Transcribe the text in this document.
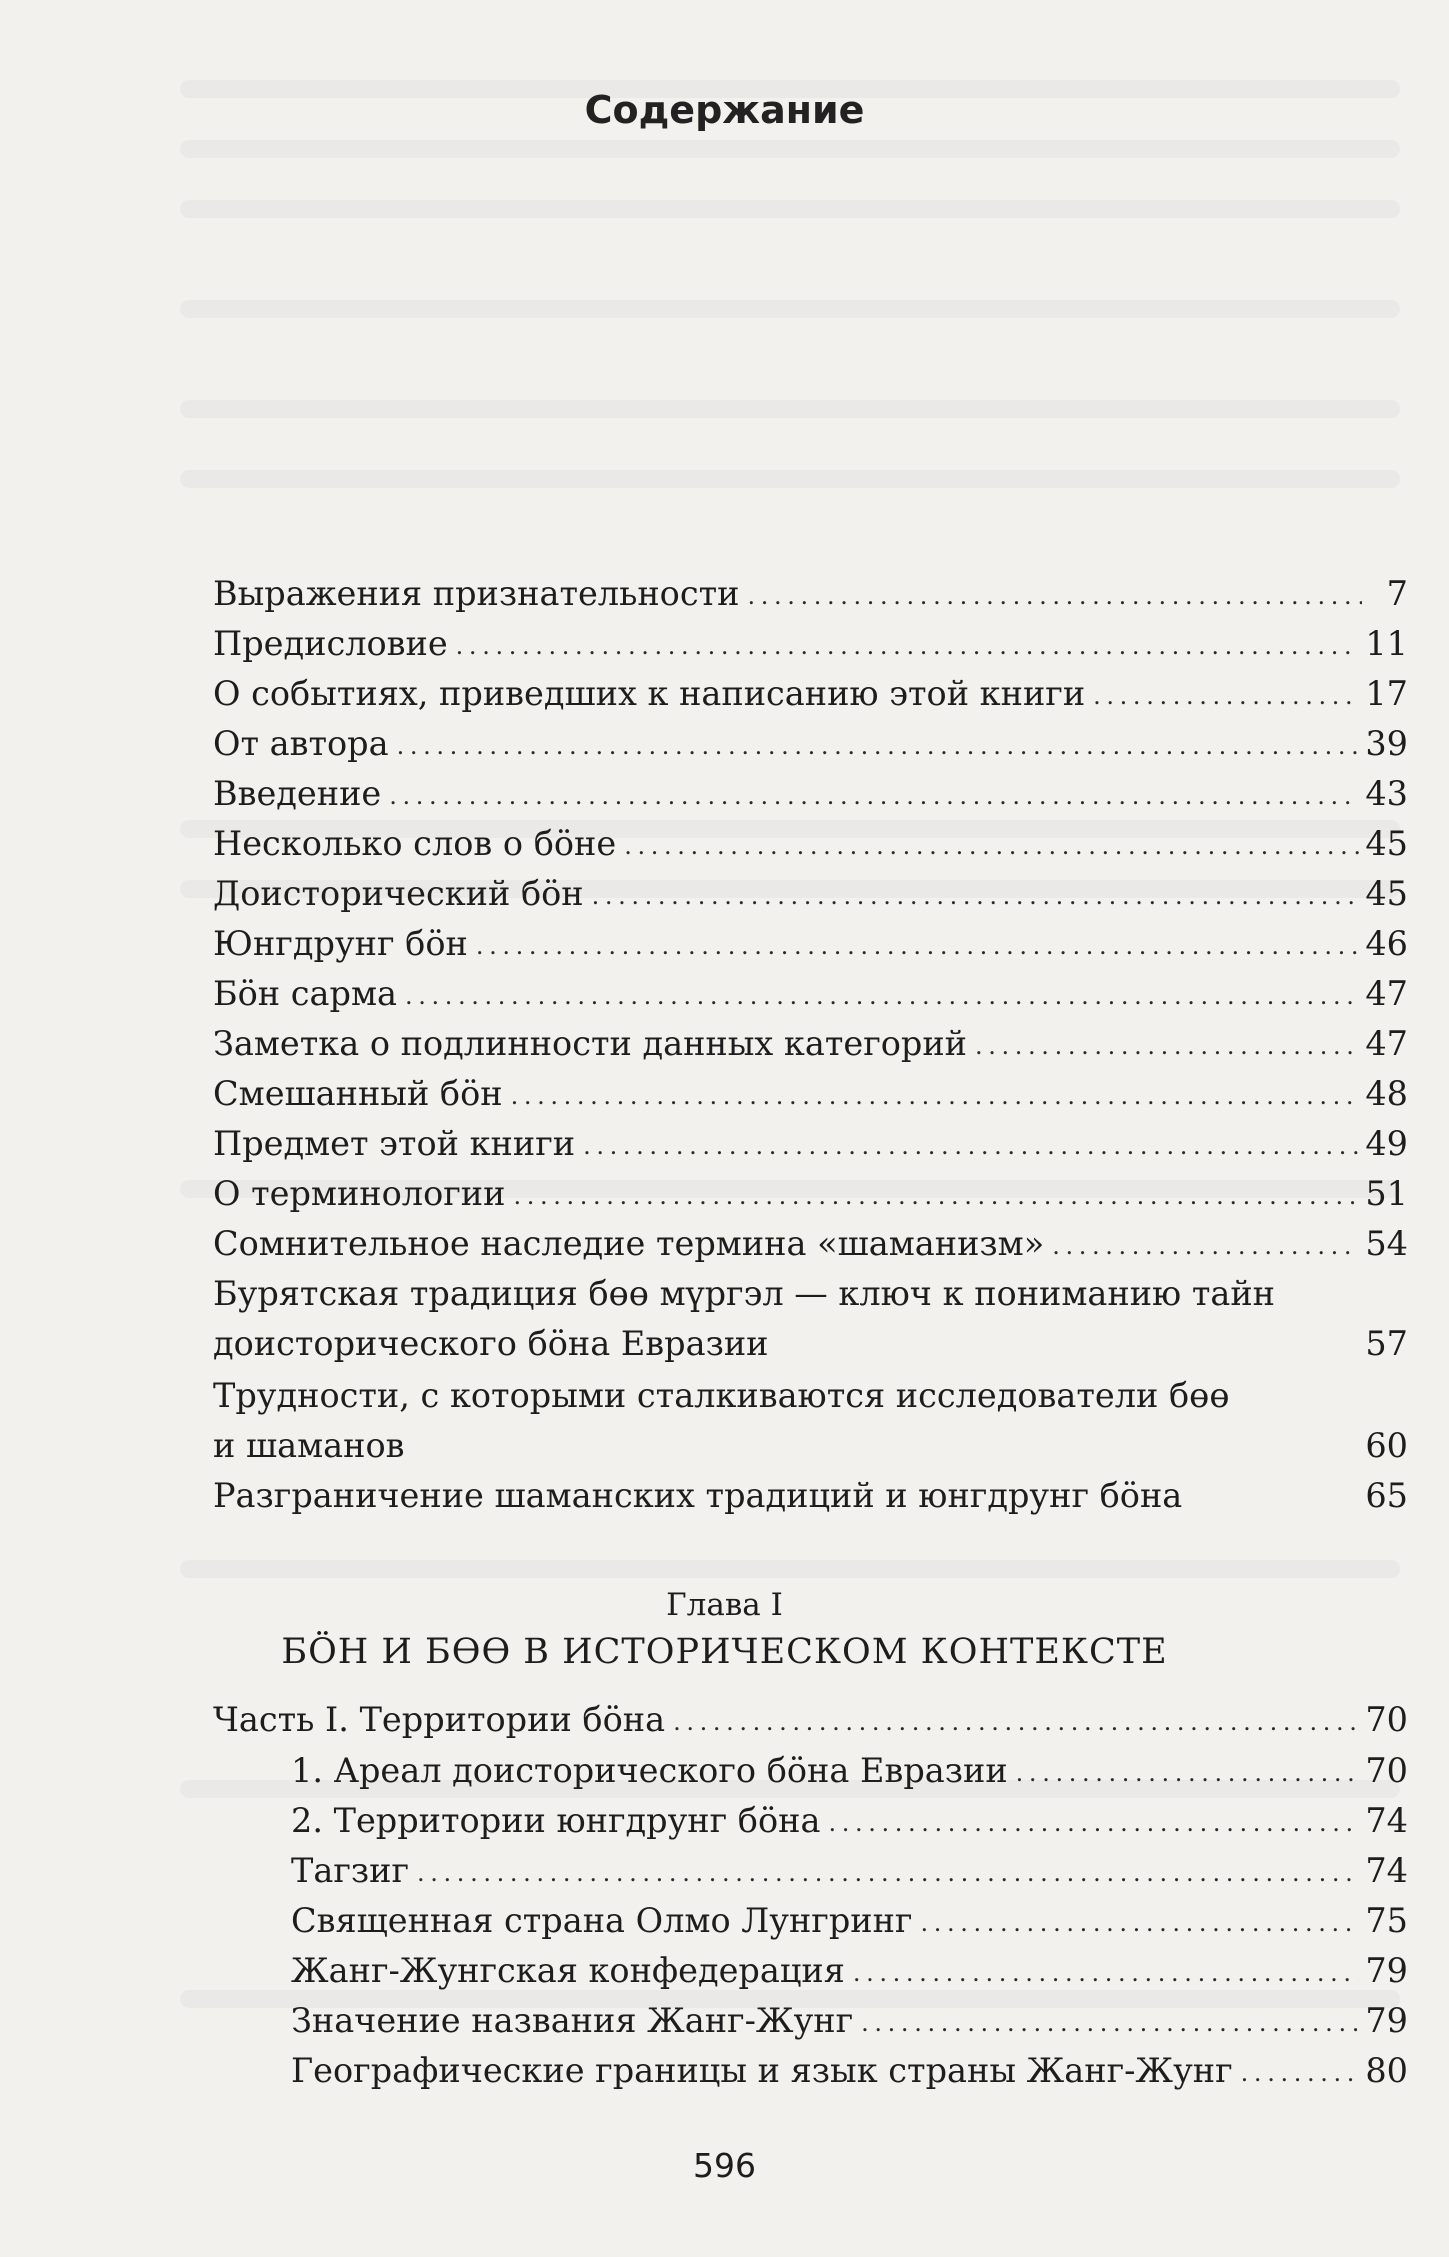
Содержание
Выражения признательности . . .	7
Предисловие . . .	11
О событиях, приведших к написанию этой книги . . .	17
От автора . . .	39
Введение . . .	43
Несколько слов о бöне . . .	45
Доисторический бöн . . .	45
Юнгдрунг бöн . . .	46
Бöн сарма . . .	47
Заметка о подлинности данных категорий . . .	47
Смешанный бöн . . .	48
Предмет этой книги . . .	49
О терминологии . . .	51
Сомнительное наследие термина «шаманизм» . . .	54
Бурятская традиция бөө мүргэл — ключ к пониманию тайн
доисторического бöна Евразии	57
Трудности, с которыми сталкиваются исследователи бөө
и шаманов	60
Разграничение шаманских традиций и юнгдрунг бöна	65
Глава I
БÖН И БӨӨ В ИСТОРИЧЕСКОМ КОНТЕКСТЕ
Часть I. Территории бöна . . .	70
1. Ареал доисторического бöна Евразии . . .	70
2. Территории юнгдрунг бöна . . .	74
Тагзиг . . .	74
Священная страна Олмо Лунгринг . . .	75
Жанг-Жунгская конфедерация . . .	79
Значение названия Жанг-Жунг . . .	79
Географические границы и язык страны Жанг-Жунг . . .	80
596
